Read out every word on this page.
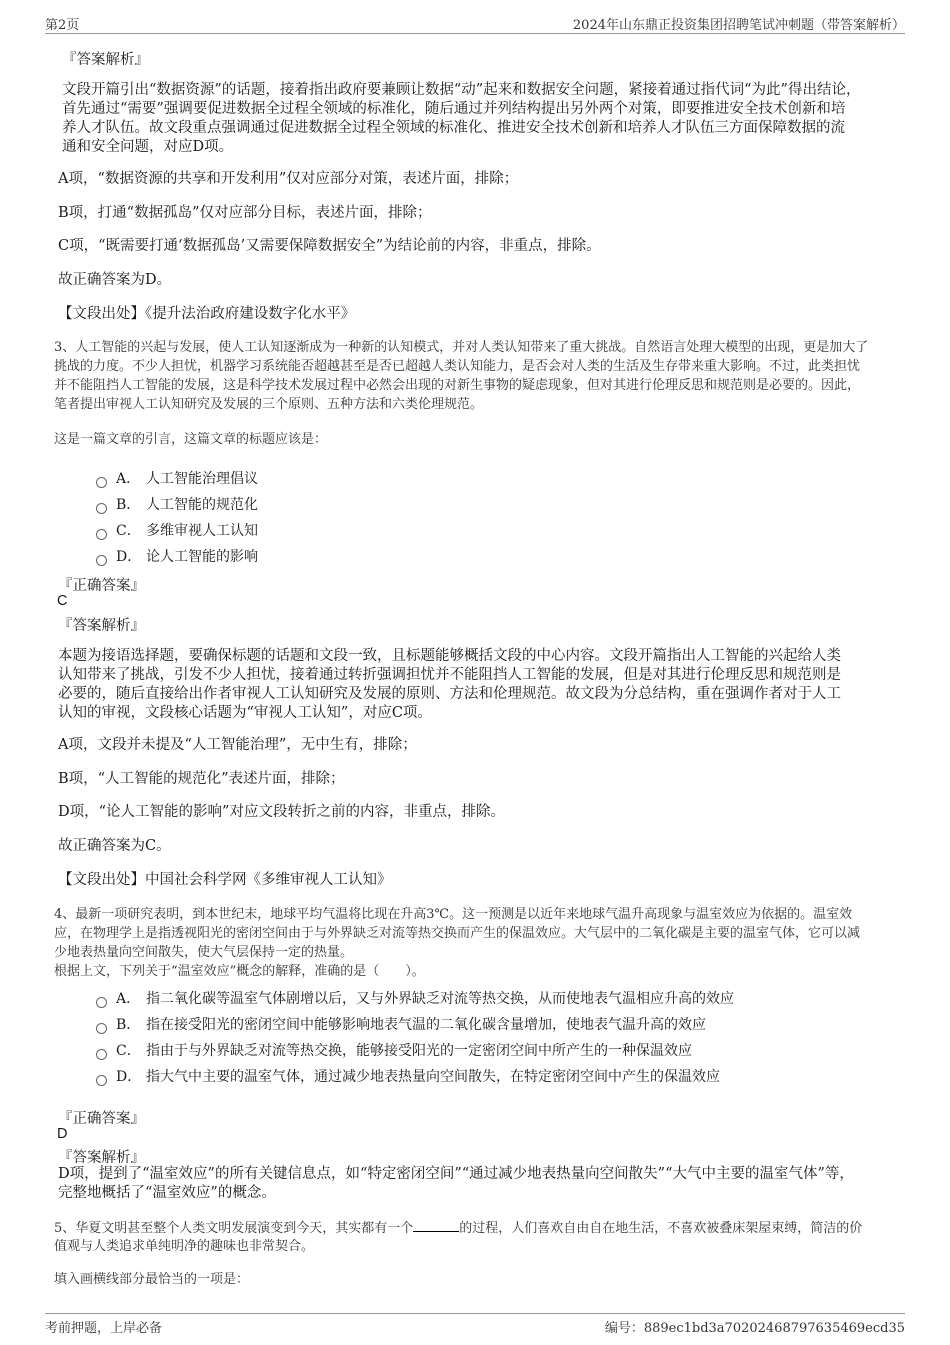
第2页	2024年山东鼎正投资集团招聘笔试冲刺题（带答案解析）
『答案解析』
文段开篇引出“数据资源”的话题，接着指出政府要兼顾让数据“动”起来和数据安全问题，紧接着通过指代词“为此”得出结论，
首先通过“需要”强调要促进数据全过程全领域的标准化，随后通过并列结构提出另外两个对策，即要推进安全技术创新和培
养人才队伍。故文段重点强调通过促进数据全过程全领域的标准化、推进安全技术创新和培养人才队伍三方面保障数据的流
通和安全问题，对应D项。
A项，“数据资源的共享和开发利用”仅对应部分对策，表述片面，排除；
B项，打通“数据孤岛”仅对应部分目标，表述片面，排除；
C项，“既需要打通‘数据孤岛’又需要保障数据安全”为结论前的内容，非重点，排除。
故正确答案为D。
【文段出处】《提升法治政府建设数字化水平》
3、人工智能的兴起与发展，使人工认知逐渐成为一种新的认知模式，并对人类认知带来了重大挑战。自然语言处理大模型的出现，更是加大了
挑战的力度。不少人担忧，机器学习系统能否超越甚至是否已超越人类认知能力，是否会对人类的生活及生存带来重大影响。不过，此类担忧
并不能阻挡人工智能的发展，这是科学技术发展过程中必然会出现的对新生事物的疑虑现象，但对其进行伦理反思和规范则是必要的。因此，
笔者提出审视人工认知研究及发展的三个原则、五种方法和六类伦理规范。
这是一篇文章的引言，这篇文章的标题应该是：
A． 人工智能治理倡议
B． 人工智能的规范化
C． 多维审视人工认知
D． 论人工智能的影响
『正确答案』
C
『答案解析』
本题为接语选择题，要确保标题的话题和文段一致，且标题能够概括文段的中心内容。文段开篇指出人工智能的兴起给人类
认知带来了挑战，引发不少人担忧，接着通过转折强调担忧并不能阻挡人工智能的发展，但是对其进行伦理反思和规范则是
必要的，随后直接给出作者审视人工认知研究及发展的原则、方法和伦理规范。故文段为分总结构，重在强调作者对于人工
认知的审视，文段核心话题为“审视人工认知”，对应C项。
A项，文段并未提及“人工智能治理”，无中生有，排除；
B项，“人工智能的规范化”表述片面，排除；
D项，“论人工智能的影响”对应文段转折之前的内容，非重点，排除。
故正确答案为C。
【文段出处】中国社会科学网《多维审视人工认知》
4、最新一项研究表明，到本世纪末，地球平均气温将比现在升高3℃。这一预测是以近年来地球气温升高现象与温室效应为依据的。温室效
应，在物理学上是指透视阳光的密闭空间由于与外界缺乏对流等热交换而产生的保温效应。大气层中的二氧化碳是主要的温室气体，它可以减
少地表热量向空间散失，使大气层保持一定的热量。
根据上文，下列关于“温室效应”概念的解释，准确的是（　　）。
A． 指二氧化碳等温室气体剧增以后，又与外界缺乏对流等热交换，从而使地表气温相应升高的效应
B． 指在接受阳光的密闭空间中能够影响地表气温的二氧化碳含量增加，使地表气温升高的效应
C． 指由于与外界缺乏对流等热交换，能够接受阳光的一定密闭空间中所产生的一种保温效应
D． 指大气中主要的温室气体，通过减少地表热量向空间散失，在特定密闭空间中产生的保温效应
『正确答案』
D
『答案解析』
D项，提到了“温室效应”的所有关键信息点，如“特定密闭空间”“通过减少地表热量向空间散失”“大气中主要的温室气体”等，
完整地概括了“温室效应”的概念。
5、华夏文明甚至整个人类文明发展演变到今天，其实都有一个	的过程，人们喜欢自由自在地生活，不喜欢被叠床架屋束缚，简洁的价
值观与人类追求单纯明净的趣味也非常契合。
填入画横线部分最恰当的一项是：
考前押题，上岸必备	编号：889ec1bd3a70202468797635469ecd35
